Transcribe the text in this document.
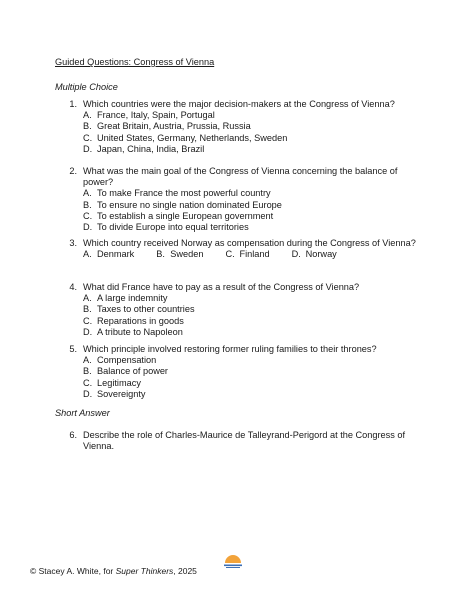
Guided Questions: Congress of Vienna
Multiple Choice
1. Which countries were the major decision-makers at the Congress of Vienna?
A. France, Italy, Spain, Portugal
B. Great Britain, Austria, Prussia, Russia
C. United States, Germany, Netherlands, Sweden
D. Japan, China, India, Brazil
2. What was the main goal of the Congress of Vienna concerning the balance of power?
A. To make France the most powerful country
B. To ensure no single nation dominated Europe
C. To establish a single European government
D. To divide Europe into equal territories
3. Which country received Norway as compensation during the Congress of Vienna?
A. Denmark B. Sweden C. Finland D. Norway
4. What did France have to pay as a result of the Congress of Vienna?
A. A large indemnity
B. Taxes to other countries
C. Reparations in goods
D. A tribute to Napoleon
5. Which principle involved restoring former ruling families to their thrones?
A. Compensation
B. Balance of power
C. Legitimacy
D. Sovereignty
Short Answer
6. Describe the role of Charles-Maurice de Talleyrand-Perigord at the Congress of Vienna.
© Stacey A. White, for Super Thinkers, 2025
